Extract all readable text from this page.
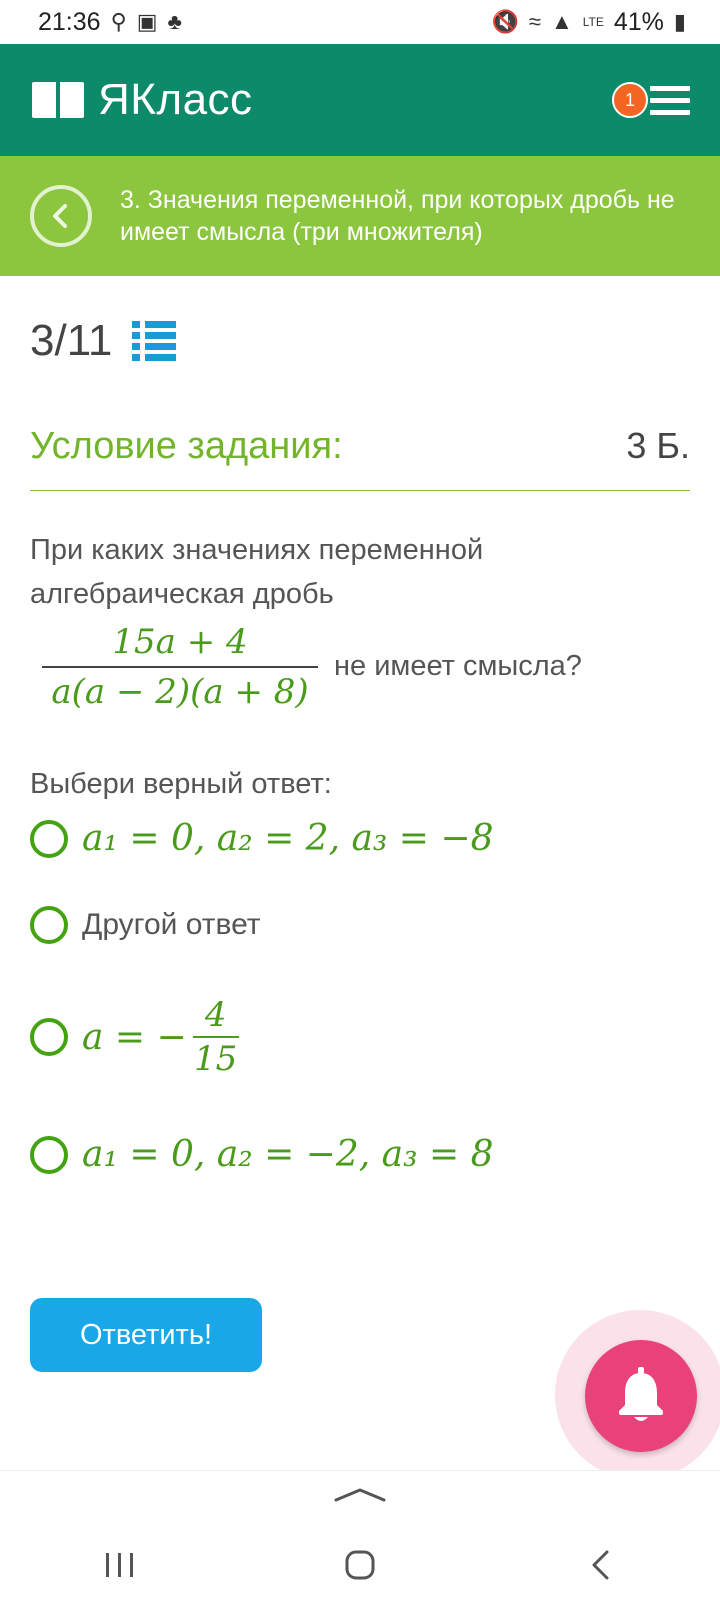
21:36 ⚲ ▣ ♣	🔇 ≈ ▲ LTE 41% ▮
ЯКласс	1
3. Значения переменной, при которых дробь не имеет смысла (три множителя)
3/11
Условие задания:	3 Б.
При каких значениях переменной алгебраическая дробь
$\frac{15a + 4}{a(a - 2)(a + 8)}$ не имеет смысла?
Выбери верный ответ:
a₁ = 0, a₂ = 2, a₃ = −8
Другой ответ
a = −
4
15
a₁ = 0, a₂ = −2, a₃ = 8
Ответить!
